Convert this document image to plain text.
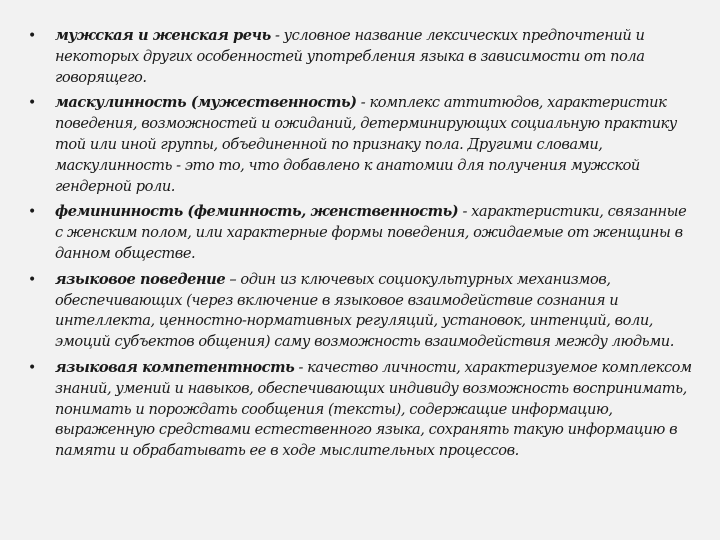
• мужская и женская речь - условное название лексических предпочтений и некоторых других особенностей употребления языка в зависимости от пола говорящего.
• маскулинность (мужественность) - комплекс аттитюдов, характеристик поведения, возможностей и ожиданий, детерминирующих социальную практику той или иной группы, объединенной по признаку пола. Другими словами, маскулинность - это то, что добавлено к анатомии для получения мужской гендерной роли.
• фемининность (феминность, женственность) - характеристики, связанные с женским полом, или характерные формы поведения, ожидаемые от женщины в данном обществе.
• языковое поведение – один из ключевых социокультурных механизмов, обеспечивающих (через включение в языковое взаимодействие сознания и интеллекта, ценностно-нормативных регуляций, установок, интенций, воли, эмоций субъектов общения) саму возможность взаимодействия между людьми.
• языковая компетентность - качество личности, характеризуемое комплексом знаний, умений и навыков, обеспечивающих индивиду возможность воспринимать, понимать и порождать сообщения (тексты), содержащие информацию, выраженную средствами естественного языка, сохранять такую информацию в памяти и обрабатывать ее в ходе мыслительных процессов.
